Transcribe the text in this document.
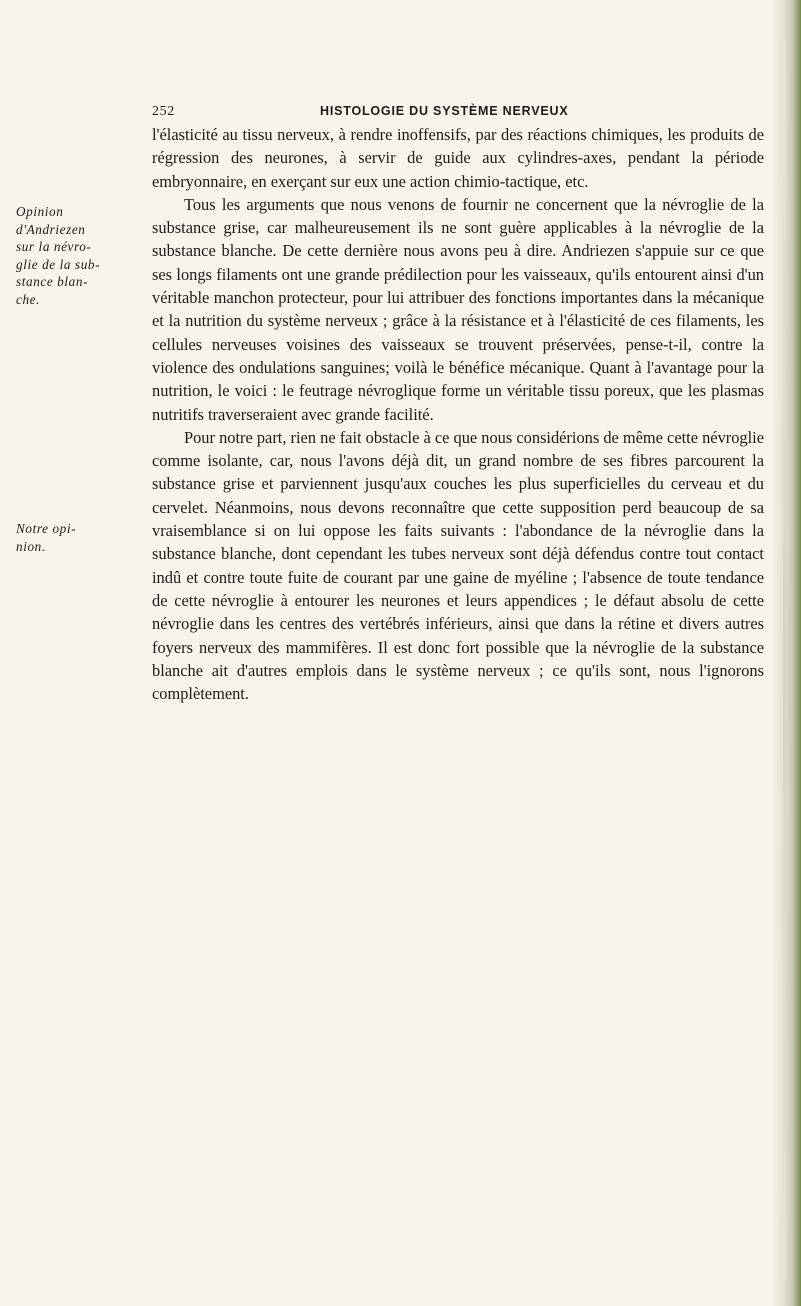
252	HISTOLOGIE DU SYSTÈME NERVEUX
Opinion
d'Andriezen
sur la névro-
glie de la sub-
stance blan-
che.
Notre opi-
nion.

l'élasticité au tissu nerveux, à rendre inoffensifs, par des réactions chimiques, les produits de régression des neurones, à servir de guide aux cylindres-axes, pendant la période embryonnaire, en exerçant sur eux une action chimio-tactique, etc.

Tous les arguments que nous venons de fournir ne concernent que la névroglie de la substance grise, car malheureusement ils ne sont guère applicables à la névroglie de la substance blanche. De cette dernière nous avons peu à dire. Andriezen s'appuie sur ce que ses longs filaments ont une grande prédilection pour les vaisseaux, qu'ils entourent ainsi d'un véritable manchon protecteur, pour lui attribuer des fonctions importantes dans la mécanique et la nutrition du système nerveux ; grâce à la résistance et à l'élasticité de ces filaments, les cellules nerveuses voisines des vaisseaux se trouvent préservées, pense-t-il, contre la violence des ondulations sanguines; voilà le bénéfice mécanique. Quant à l'avantage pour la nutrition, le voici : le feutrage névroglique forme un véritable tissu poreux, que les plasmas nutritifs traverseraient avec grande facilité.

Pour notre part, rien ne fait obstacle à ce que nous considérions de même cette névroglie comme isolante, car, nous l'avons déjà dit, un grand nombre de ses fibres parcourent la substance grise et parviennent jusqu'aux couches les plus superficielles du cerveau et du cervelet. Néanmoins, nous devons reconnaître que cette supposition perd beaucoup de sa vraisemblance si on lui oppose les faits suivants : l'abondance de la névroglie dans la substance blanche, dont cependant les tubes nerveux sont déjà défendus contre tout contact indû et contre toute fuite de courant par une gaine de myéline ; l'absence de toute tendance de cette névroglie à entourer les neurones et leurs appendices ; le défaut absolu de cette névroglie dans les centres des vertébrés inférieurs, ainsi que dans la rétine et divers autres foyers nerveux des mammifères. Il est donc fort possible que la névroglie de la substance blanche ait d'autres emplois dans le système nerveux ; ce qu'ils sont, nous l'ignorons complètement.
